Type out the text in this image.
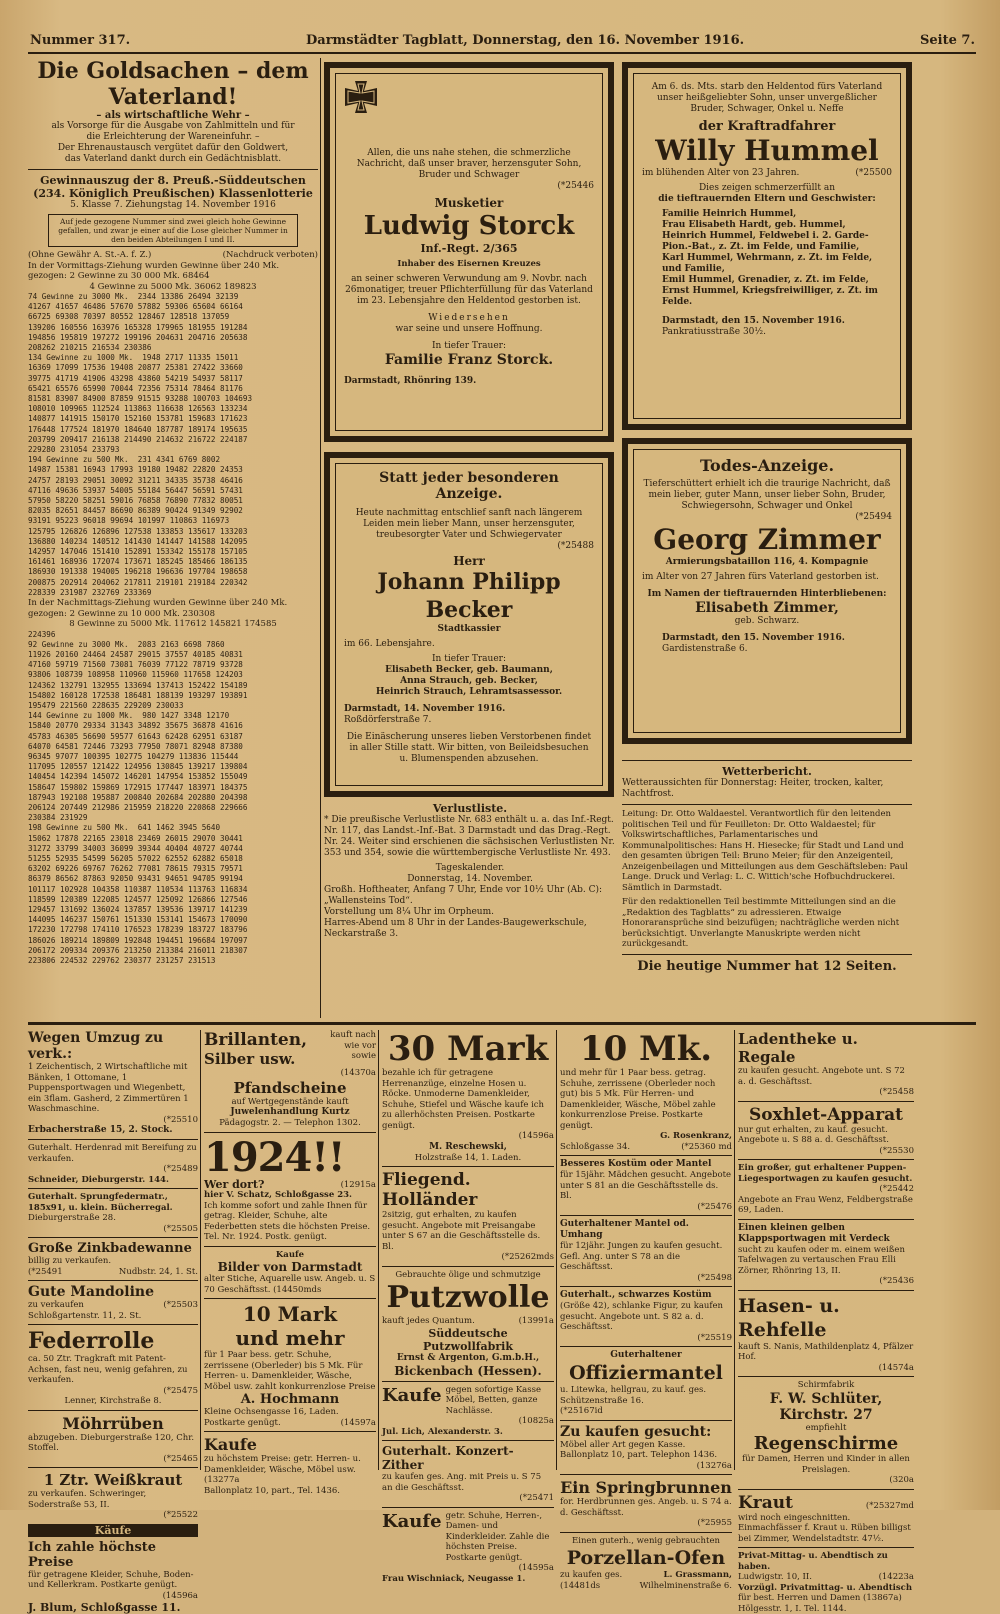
Nummer 317.	Darmstädter Tagblatt, Donnerstag, den 16. November 1916.	Seite 7.
Die Goldsachen – dem Vaterland!
– als wirtschaftliche Wehr –
als Vorsorge für die Ausgabe von Zahlmitteln und für
die Erleichterung der Wareneinfuhr. –
Der Ehrenaustausch vergütet dafür den Goldwert,
das Vaterland dankt durch ein Gedächtnisblatt.
Gewinnauszug der 8. Preuß.-Süddeutschen
(234. Königlich Preußischen) Klassenlotterie
5. Klasse 7. Ziehungstag 14. November 1916
Auf jede gezogene Nummer sind zwei gleich hohe Gewinne gefallen, und zwar je einer auf die Lose gleicher Nummer in den beiden Abteilungen I und II.
(Ohne Gewähr A. St.-A. f. Z.)	(Nachdruck verboten)
In der Vormittags-Ziehung wurden Gewinne über 240 Mk. gezogen: 2 Gewinne zu 30 000 Mk. 68464
4 Gewinne zu 5000 Mk. 36062 189823
74 Gewinne zu 3000 Mk.  2344 13386 26494 32139
41267 41657 46486 57670 57882 59306 65604 66164
66725 69308 70397 80552 128467 128518 137059
139206 160556 163976 165328 179965 181955 191284
194856 195819 197272 199196 204631 204716 205638
208262 210215 216534 230386
134 Gewinne zu 1000 Mk.  1948 2717 11335 15011
16369 17099 17536 19408 20877 25381 27422 33660
39775 41719 41906 43298 43860 54219 54937 58117
65421 65576 65990 70044 72356 75314 78464 81176
81581 83907 84900 87859 91515 93288 100703 104693
108010 109965 112524 113863 116638 126563 133234
140877 141915 150170 152160 153781 159683 171623
176448 177524 181970 184640 187787 189174 195635
203799 209417 216138 214490 214632 216722 224187
229280 231054 233793
194 Gewinne zu 500 Mk.  231 4341 6769 8002
14987 15381 16943 17993 19180 19482 22820 24353
24757 28193 29051 30092 31211 34335 35738 46416
47116 49636 53937 54005 55184 56447 56591 57431
57950 58220 58251 59016 76858 76890 77832 80051
82035 82651 84457 86690 86389 90424 91349 92902
93191 95223 96018 99694 101997 110863 116973
125795 126826 126896 127538 133853 135617 133203
136880 140234 140512 141430 141447 141588 142095
142957 147046 151410 152891 153342 155178 157105
161461 168936 172074 173671 185245 185466 186135
186930 191338 194005 196218 196636 197704 198658
200875 202914 204062 217811 219101 219184 220342
228339 231987 232769 233369
In der Nachmittags-Ziehung wurden Gewinne über 240 Mk. gezogen: 2 Gewinne zu 10 000 Mk. 230308
8 Gewinne zu 5000 Mk. 117612 145821 174585
224396
92 Gewinne zu 3000 Mk.  2083 2163 6698 7860
11926 20160 24464 24587 29015 37557 40185 40831
47160 59719 71560 73081 76039 77122 78719 93728
93806 108739 108958 110960 115960 117658 124203
124362 132791 132955 133694 137413 152422 154189
154802 160128 172538 186481 188139 193297 193891
195479 221560 228635 229209 230033
144 Gewinne zu 1000 Mk.  980 1427 3348 12170
15840 20770 29334 31343 34892 35675 36878 41616
45783 46305 56690 59577 61643 62428 62951 63187
64070 64581 72446 73293 77950 78071 82948 87380
96345 97077 100395 102775 104279 113836 115444
117095 120557 121422 124956 130845 139217 139804
140454 142394 145072 146201 147954 153852 155049
158647 159802 159869 172915 177447 183971 184375
187943 192108 195887 200840 202684 202880 204398
206124 207449 212986 215959 218220 220868 229666
230384 231929
198 Gewinne zu 500 Mk.  641 1462 3945 5640
15062 17878 22165 23018 23469 26015 29070 30441
31272 33799 34003 36099 39344 40404 40727 40744
51255 52935 54599 56205 57022 62552 62882 65018
63202 69226 69767 76262 77081 78615 79315 79571
86379 86562 87863 92050 93431 94651 94705 99194
101117 102928 104358 110387 110534 113763 116834
118599 120389 122085 124577 125092 126866 127546
129457 131692 136024 137857 139536 139717 141239
144095 146237 150761 151330 153141 154673 170090
172230 172798 174110 176523 178239 183727 183796
186026 189214 189809 192848 194451 196684 197097
206172 209334 209376 213250 213384 216011 218307
223806 224532 229762 230377 231257 231513
Allen, die uns nahe stehen, die schmerzliche Nachricht, daß unser braver, herzensguter Sohn, Bruder und Schwager
(*25446
Musketier
Ludwig Storck
Inf.-Regt. 2/365
Inhaber des Eisernen Kreuzes
an seiner schweren Verwundung am 9. Novbr. nach 26monatiger, treuer Pflichterfüllung für das Vaterland im 23. Lebensjahre den Heldentod gestorben ist.
Wiedersehen
war seine und unsere Hoffnung.
In tiefer Trauer:
Familie Franz Storck.
Darmstadt, Rhönring 139.
Am 6. ds. Mts. starb den Heldentod fürs Vaterland unser heißgeliebter Sohn, unser unvergeßlicher Bruder, Schwager, Onkel u. Neffe
der Kraftradfahrer
Willy Hummel
im blühenden Alter von 23 Jahren.	(*25500
Dies zeigen schmerzerfüllt an
die tieftrauernden Eltern und Geschwister:
Familie Heinrich Hummel,
Frau Elisabeth Hardt, geb. Hummel,
Heinrich Hummel, Feldwebel i. 2. Garde-Pion.-Bat., z. Zt. im Felde, und Familie,
Karl Hummel, Wehrmann, z. Zt. im Felde, und Familie,
Emil Hummel, Grenadier, z. Zt. im Felde,
Ernst Hummel, Kriegsfreiwilliger, z. Zt. im Felde.
Darmstadt, den 15. November 1916.
Pankratiusstraße 30½.
Statt jeder besonderen Anzeige.
Heute nachmittag entschlief sanft nach längerem Leiden mein lieber Mann, unser herzensguter, treubesorgter Vater und Schwiegervater
(*25488
Herr
Johann Philipp Becker
Stadtkassier
im 66. Lebensjahre.
In tiefer Trauer:
Elisabeth Becker, geb. Baumann,
Anna Strauch, geb. Becker,
Heinrich Strauch, Lehramtsassessor.
Darmstadt, 14. November 1916.
Roßdörferstraße 7.
Die Einäscherung unseres lieben Verstorbenen findet in aller Stille statt. Wir bitten, von Beileidsbesuchen u. Blumenspenden abzusehen.
Todes-Anzeige.
Tieferschüttert erhielt ich die traurige Nachricht, daß mein lieber, guter Mann, unser lieber Sohn, Bruder, Schwiegersohn, Schwager und Onkel
(*25494
Georg Zimmer
Armierungsbataillon 116, 4. Kompagnie
im Alter von 27 Jahren fürs Vaterland gestorben ist.
Im Namen der tieftrauernden Hinterbliebenen:
Elisabeth Zimmer,
geb. Schwarz.
Darmstadt, den 15. November 1916.
Gardistenstraße 6.
Verlustliste.
* Die preußische Verlustliste Nr. 683 enthält u. a. das Inf.-Regt. Nr. 117, das Landst.-Inf.-Bat. 3 Darmstadt und das Drag.-Regt. Nr. 24. Weiter sind erschienen die sächsischen Verlustlisten Nr. 353 und 354, sowie die württembergische Verlustliste Nr. 493.
Tageskalender.
Donnerstag, 14. November.
Großh. Hoftheater, Anfang 7 Uhr, Ende vor 10½ Uhr (Ab. C): „Wallensteins Tod“.
Vorstellung um 8¼ Uhr im Orpheum.
Harres-Abend um 8 Uhr in der Landes-Baugewerkschule, Neckarstraße 3.
Wetterbericht.
Wetteraussichten für Donnerstag: Heiter, trocken, kalter, Nachtfrost.
Leitung: Dr. Otto Waldaestel. Verantwortlich für den leitenden politischen Teil und für Feuilleton: Dr. Otto Waldaestel; für Volkswirtschaftliches, Parlamentarisches und Kommunalpolitisches: Hans H. Hiesecke; für Stadt und Land und den gesamten übrigen Teil: Bruno Meier; für den Anzeigenteil, Anzeigenbeilagen und Mitteilungen aus dem Geschäftsleben: Paul Lange. Druck und Verlag: L. C. Wittich'sche Hofbuchdruckerei. Sämtlich in Darmstadt.
Für den redaktionellen Teil bestimmte Mitteilungen sind an die „Redaktion des Tagblatts“ zu adressieren. Etwaige Honoraransprüche sind beizufügen; nachträgliche werden nicht berücksichtigt. Unverlangte Manuskripte werden nicht zurückgesandt.
Die heutige Nummer hat 12 Seiten.
Wegen Umzug zu verk.:
1 Zeichentisch, 2 Wirtschaftliche mit Bänken, 1 Ottomane, 1 Puppensportwagen und Wiegenbett, ein 3flam. Gasherd, 2 Zimmertüren 1 Waschmaschine.
(*25510
Erbacherstraße 15, 2. Stock.
Guterhalt. Herdenrad mit Bereifung zu verkaufen.
(*25489
Schneider, Dieburgerstr. 144.
Guterhalt. Sprungfedermatr., 185x91, u. klein. Bücherregal.
Dieburgerstraße 28.
(*25505
Große Zinkbadewanne
billig zu verkaufen.
(*25491	Nudbstr. 24, 1. St.
Gute Mandoline
zu verkaufen	(*25503
Schloßgartenstr. 11, 2. St.
Federrolle
ca. 50 Ztr. Tragkraft mit Patent-Achsen, fast neu, wenig gefahren, zu verkaufen.
(*25475
Lenner, Kirchstraße 8.
Möhrrüben
abzugeben. Dieburgerstraße 120, Chr. Stoffel.
(*25465
1 Ztr. Weißkraut
zu verkaufen. Schweringer, Soderstraße 53, II.
(*25522
Käufe
Ich zahle höchste Preise
für getragene Kleider, Schuhe, Boden- und Kellerkram. Postkarte genügt.
(14596a
J. Blum, Schloßgasse 11.
Brillanten,
Silber usw.
kauft nach wie vor sowie
(14370a
Pfandscheine
auf Wertgegenstände kauft
Juwelenhandlung Kurtz
Pädagogstr. 2. — Telephon 1302.
1924!!
Wer dort?	(12915a
hier V. Schatz, Schloßgasse 23.
Ich komme sofort und zahle Ihnen für getrag. Kleider, Schuhe, alte Federbetten stets die höchsten Preise. Tel. Nr. 1924. Postk. genügt.
Kaufe
Bilder von Darmstadt
alter Stiche, Aquarelle usw. Angeb. u. S 70 Geschäftsst. (14450mds
10 Mark
und mehr
für 1 Paar bess. getr. Schuhe, zerrissene (Oberleder) bis 5 Mk. Für Herren- u. Damenkleider, Wäsche, Möbel usw. zahlt konkurrenzlose Preise
A. Hochmann
Kleine Ochsengasse 16, Laden.
Postkarte genügt.	(14597a
Kaufe
zu höchstem Preise: getr. Herren- u. Damenkleider, Wäsche, Möbel usw.
(13277a
Ballonplatz 10, part., Tel. 1436.
30 Mark
bezahle ich für getragene Herrenanzüge, einzelne Hosen u. Röcke. Unmoderne Damenkleider, Schuhe, Stiefel und Wäsche kaufe ich zu allerhöchsten Preisen. Postkarte genügt.
(14596a
M. Reschewski,
Holzstraße 14, 1. Laden.
Fliegend. Holländer
2sitzig, gut erhalten, zu kaufen gesucht. Angebote mit Preisangabe unter S 67 an die Geschäftsstelle ds. Bl.
(*25262mds
Gebrauchte ölige und schmutzige
Putzwolle
kauft jedes Quantum.	(13991a
Süddeutsche Putzwollfabrik
Ernst & Argenton, G.m.b.H.,
Bickenbach (Hessen).
Kaufe gegen sofortige Kasse Möbel, Betten, ganze Nachlässe.
(10825a
Jul. Lich, Alexanderstr. 3.
Guterhalt. Konzert-Zither
zu kaufen ges. Ang. mit Preis u. S 75 an die Geschäftsst.
(*25471
Kaufe getr. Schuhe, Herren-, Damen- und Kinderkleider. Zahle die höchsten Preise. Postkarte genügt.
(14595a
Frau Wischniack, Neugasse 1.
10 Mk.
und mehr für 1 Paar bess. getrag. Schuhe, zerrissene (Oberleder noch gut) bis 5 Mk. Für Herren- und Damenkleider, Wäsche, Möbel zahle konkurrenzlose Preise. Postkarte genügt.
G. Rosenkranz,
Schloßgasse 34.	(*25360 md
Besseres Kostüm oder Mantel
für 15jähr. Mädchen gesucht. Angebote unter S 81 an die Geschäftsstelle ds. Bl.
(*25476
Guterhaltener Mantel od. Umhang
für 12jähr. Jungen zu kaufen gesucht. Gefl. Ang. unter S 78 an die Geschäftsst.
(*25498
Guterhalt., schwarzes Kostüm
(Größe 42), schlanke Figur, zu kaufen gesucht. Angebote unt. S 82 a. d. Geschäftsst.
(*25519
Guterhaltener
Offiziermantel
u. Litewka, hellgrau, zu kauf. ges. Schützenstraße 16.
(*25167id
Zu kaufen gesucht:
Möbel aller Art gegen Kasse. Ballonplatz 10, part. Telephon 1436.
(13276a
Ein Springbrunnen
for. Herdbrunnen ges. Angeb. u. S 74 a. d. Geschäftsst.
(*25955
Einen guterh., wenig gebrauchten
Porzellan-Ofen
zu kaufen ges.	L. Grassmann,
(14481ds	Wilhelminenstraße 6.
Ladentheke u. Regale
zu kaufen gesucht. Angebote unt. S 72 a. d. Geschäftsst.
(*25458
Soxhlet-Apparat
nur gut erhalten, zu kauf. gesucht. Angebote u. S 88 a. d. Geschäftsst.
(*25530
Ein großer, gut erhaltener Puppen-Liegesportwagen zu kaufen gesucht.
(*25442
Angebote an Frau Wenz, Feldbergstraße 69, Laden.
Einen kleinen gelben Klappsportwagen mit Verdeck
sucht zu kaufen oder m. einem weißen Tafelwagen zu vertauschen Frau Elli Zörner, Rhönring 13, II.
(*25436
Hasen- u. Rehfelle
kauft S. Nanis, Mathildenplatz 4, Pfälzer Hof.
(14574a
Schirmfabrik
F. W. Schlüter, Kirchstr. 27
empfiehlt
Regenschirme
für Damen, Herren und Kinder in allen Preislagen.
(320a
Kraut	(*25327md
wird noch eingeschnitten. Einmachfässer f. Kraut u. Rüben billigst bei Zimmer, Wendelstadtstr. 47½.
Privat-Mittag- u. Abendtisch zu haben.
Ludwigstr. 10, II.	(14223a
Vorzügl. Privatmittag- u. Abendtisch
für best. Herren und Damen (13867a) Hölgesstr. 1, I. Tel. 1144.
